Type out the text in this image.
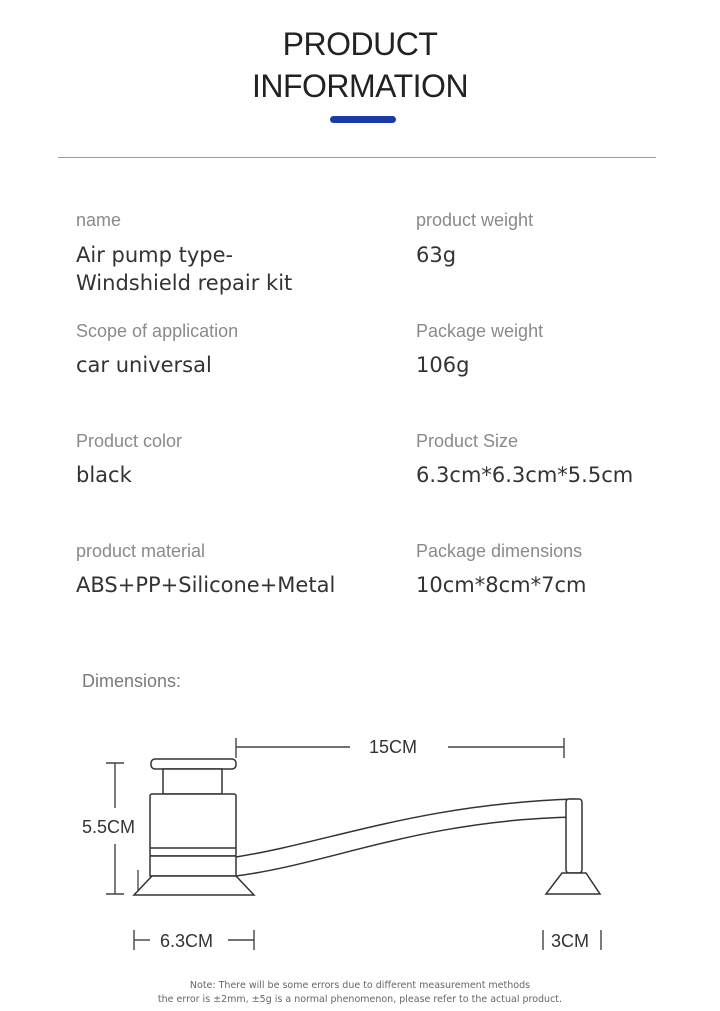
PRODUCT
INFORMATION
name
Air pump type-
Windshield repair kit
Scope of application
car universal
Product color
black
product material
ABS+PP+Silicone+Metal
product weight
63g
Package weight
106g
Product Size
6.3cm*6.3cm*5.5cm
Package dimensions
10cm*8cm*7cm
Dimensions:
15CM
5.5CM
6.3CM	3CM
Note: There will be some errors due to different measurement methods
the error is ±2mm, ±5g is a normal phenomenon, please refer to the actual product.
